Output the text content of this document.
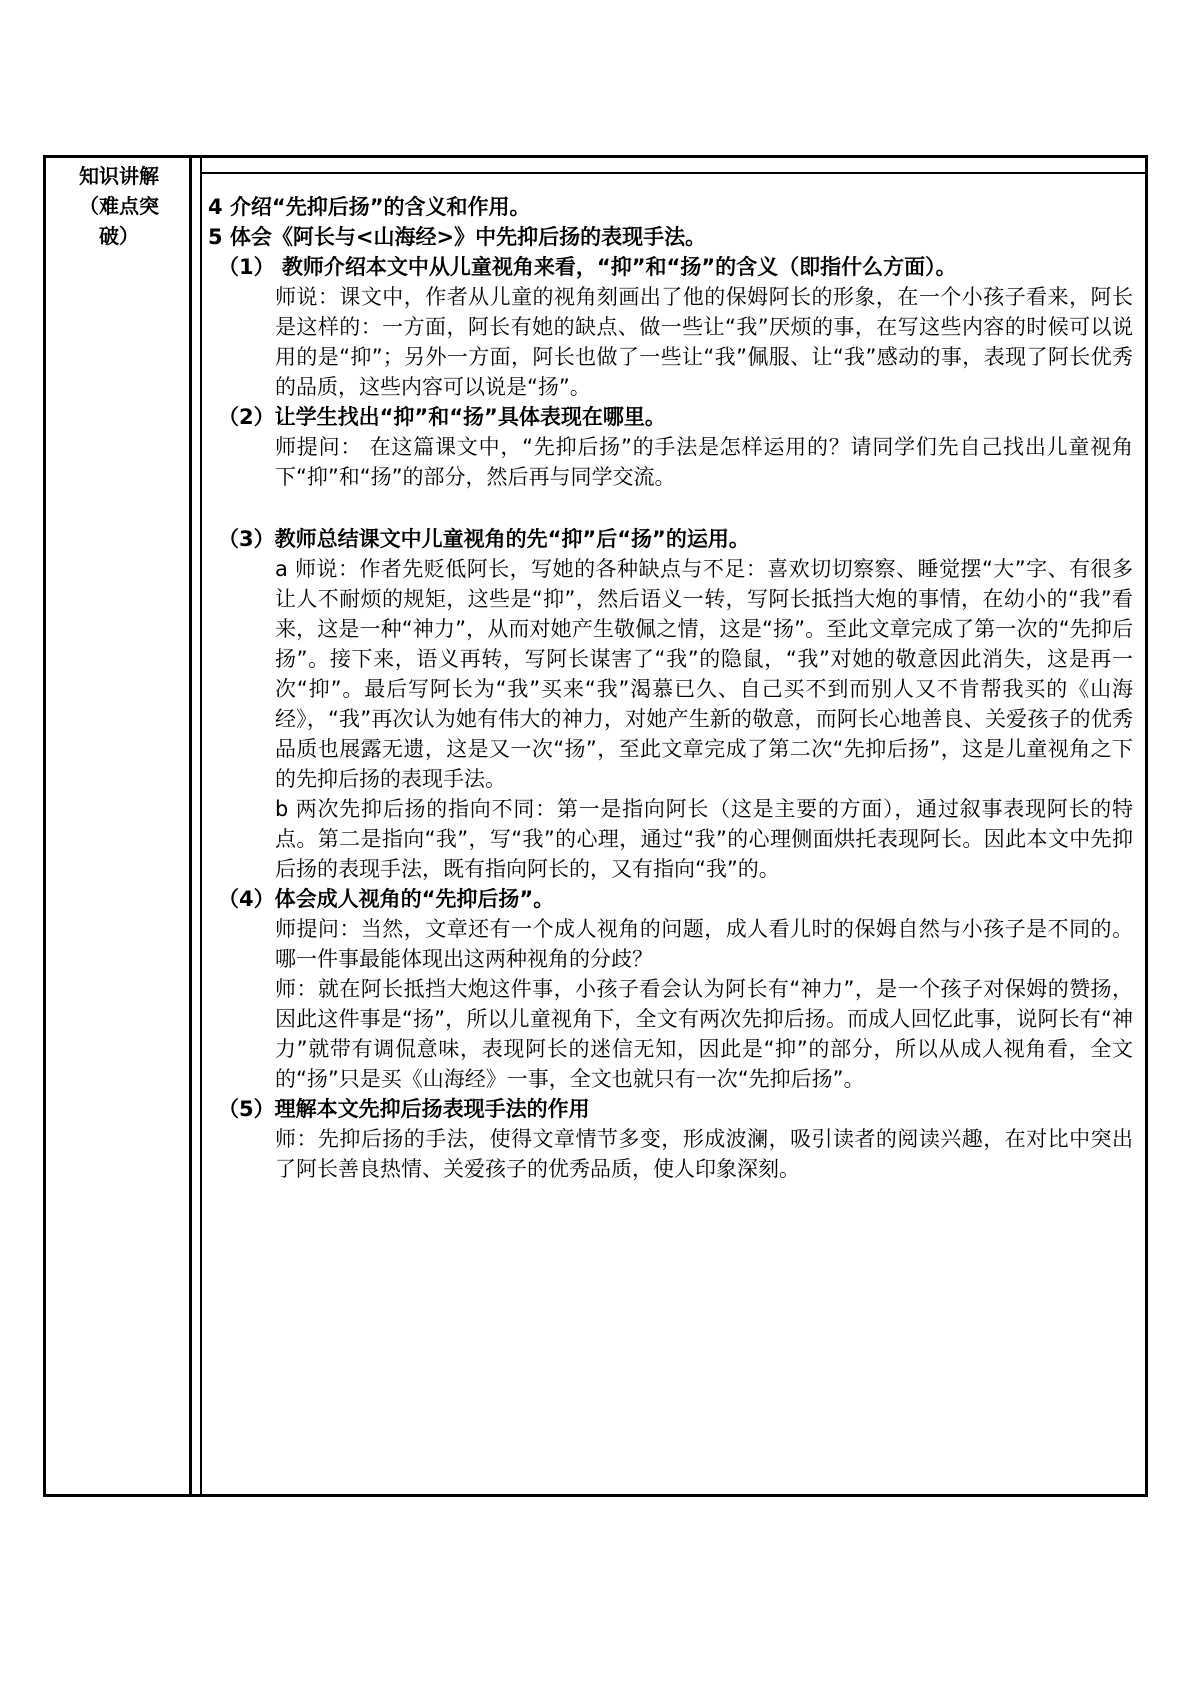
知识讲解
（难点突
破）
4 介绍“先抑后扬”的含义和作用。
5 体会《阿长与<山海经>》中先抑后扬的表现手法。
（1） 教师介绍本文中从儿童视角来看，“抑”和“扬”的含义（即指什么方面）。
师说：课文中，作者从儿童的视角刻画出了他的保姆阿长的形象，在一个小孩子看来，阿长是这样的：一方面，阿长有她的缺点、做一些让“我”厌烦的事，在写这些内容的时候可以说用的是“抑”；另外一方面，阿长也做了一些让“我”佩服、让“我”感动的事，表现了阿长优秀的品质，这些内容可以说是“扬”。
（2）让学生找出“抑”和“扬”具体表现在哪里。
师提问： 在这篇课文中，“先抑后扬”的手法是怎样运用的？请同学们先自己找出儿童视角下“抑”和“扬”的部分，然后再与同学交流。
（3）教师总结课文中儿童视角的先“抑”后“扬”的运用。
a 师说：作者先贬低阿长，写她的各种缺点与不足：喜欢切切察察、睡觉摆“大”字、有很多让人不耐烦的规矩，这些是“抑”，然后语义一转，写阿长抵挡大炮的事情，在幼小的“我”看来，这是一种“神力”，从而对她产生敬佩之情，这是“扬”。至此文章完成了第一次的“先抑后扬”。接下来，语义再转，写阿长谋害了“我”的隐鼠，“我”对她的敬意因此消失，这是再一次“抑”。最后写阿长为“我”买来“我”渴慕已久、自己买不到而别人又不肯帮我买的《山海经》，“我”再次认为她有伟大的神力，对她产生新的敬意，而阿长心地善良、关爱孩子的优秀品质也展露无遗，这是又一次“扬”，至此文章完成了第二次“先抑后扬”，这是儿童视角之下的先抑后扬的表现手法。
b 两次先抑后扬的指向不同：第一是指向阿长（这是主要的方面），通过叙事表现阿长的特点。第二是指向“我”，写“我”的心理，通过“我”的心理侧面烘托表现阿长。因此本文中先抑后扬的表现手法，既有指向阿长的，又有指向“我”的。
（4）体会成人视角的“先抑后扬”。
师提问：当然，文章还有一个成人视角的问题，成人看儿时的保姆自然与小孩子是不同的。哪一件事最能体现出这两种视角的分歧？
师：就在阿长抵挡大炮这件事，小孩子看会认为阿长有“神力”，是一个孩子对保姆的赞扬，因此这件事是“扬”，所以儿童视角下，全文有两次先抑后扬。而成人回忆此事，说阿长有“神力”就带有调侃意味，表现阿长的迷信无知，因此是“抑”的部分，所以从成人视角看，全文的“扬”只是买《山海经》一事，全文也就只有一次“先抑后扬”。
（5）理解本文先抑后扬表现手法的作用
师：先抑后扬的手法，使得文章情节多变，形成波澜，吸引读者的阅读兴趣，在对比中突出了阿长善良热情、关爱孩子的优秀品质，使人印象深刻。
